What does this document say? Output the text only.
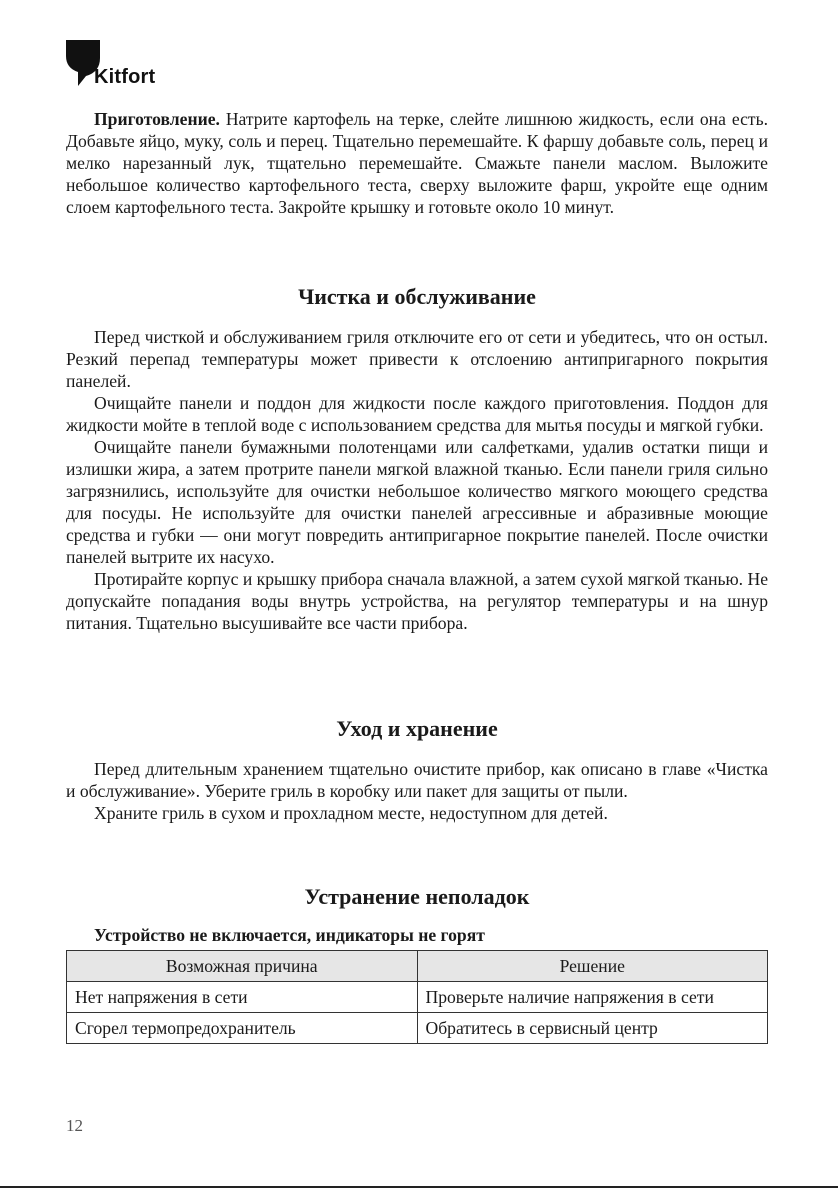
Kitfort

Приготовление. Натрите картофель на терке, слейте лишнюю жидкость, если она есть. Добавьте яйцо, муку, соль и перец. Тщательно перемешайте. К фаршу добавьте соль, перец и мелко нарезанный лук, тщательно перемешайте. Смажьте панели маслом. Выложите небольшое количество картофельного теста, сверху выложите фарш, укройте еще одним слоем картофельного теста. Закройте крышку и готовьте около 10 минут.

Чистка и обслуживание

Перед чисткой и обслуживанием гриля отключите его от сети и убедитесь, что он остыл. Резкий перепад температуры может привести к отслоению антипригарного покрытия панелей.

Очищайте панели и поддон для жидкости после каждого приготовления. Поддон для жидкости мойте в теплой воде с использованием средства для мытья посуды и мягкой губки.

Очищайте панели бумажными полотенцами или салфетками, удалив остатки пищи и излишки жира, а затем протрите панели мягкой влажной тканью. Если панели гриля сильно загрязнились, используйте для очистки небольшое количество мягкого моющего средства для посуды. Не используйте для очистки панелей агрессивные и абразивные моющие средства и губки — они могут повредить антипригарное покрытие панелей. После очистки панелей вытрите их насухо.

Протирайте корпус и крышку прибора сначала влажной, а затем сухой мягкой тканью. Не допускайте попадания воды внутрь устройства, на регулятор температуры и на шнур питания. Тщательно высушивайте все части прибора.

Уход и хранение

Перед длительным хранением тщательно очистите прибор, как описано в главе «Чистка и обслуживание». Уберите гриль в коробку или пакет для защиты от пыли.

Храните гриль в сухом и прохладном месте, недоступном для детей.

Устранение неполадок
Устройство не включается, индикаторы не горят
Возможная причина	Решение
Нет напряжения в сети	Проверьте наличие напряжения в сети
Сгорел термопредохранитель	Обратитесь в сервисный центр
12
